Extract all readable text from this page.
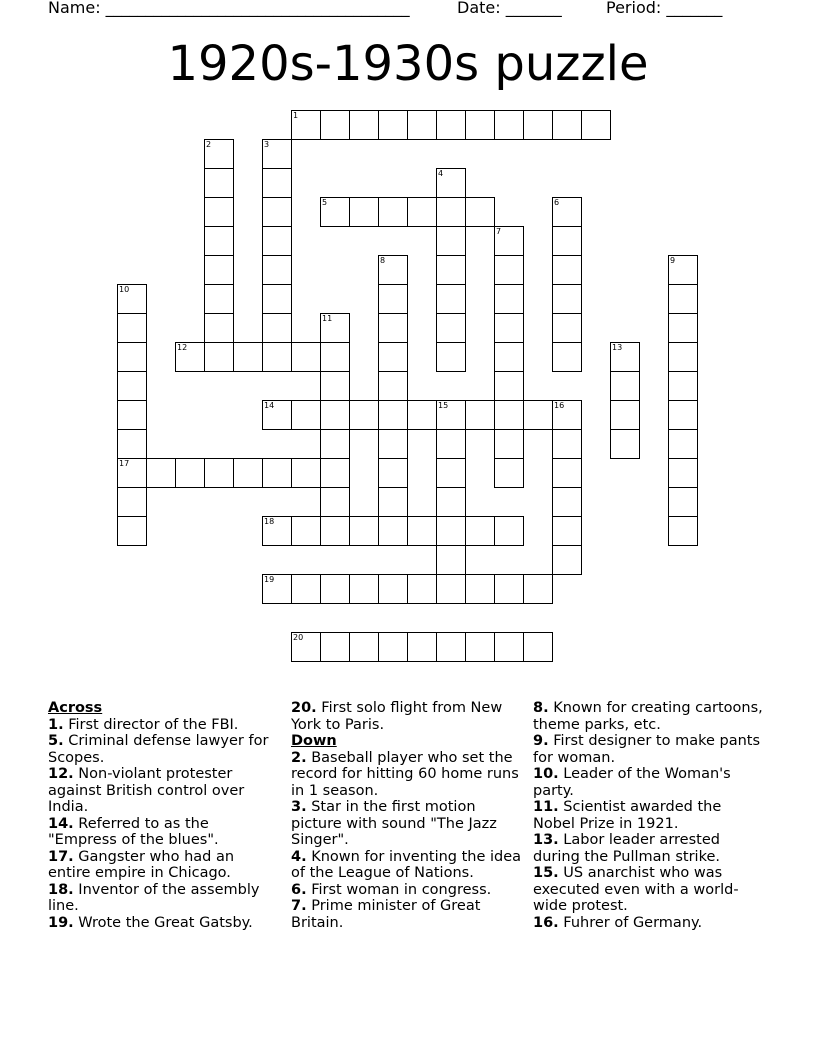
Name: ______________________________________	Date: _______	Period: _______
1920s-1930s puzzle
1
2	3
4
5	6
7
8	9
10
17
11
12	13
14	15	16
18
19
20
Across
1. First director of the FBI.
5. Criminal defense lawyer for Scopes.
12. Non-violant protester against British control over India.
14. Referred to as the "Empress of the blues".
17. Gangster who had an entire empire in Chicago.
18. Inventor of the assembly line.
19. Wrote the Great Gatsby.
20. First solo flight from New York to Paris.
Down
2. Baseball player who set the record for hitting 60 home runs in 1 season.
3. Star in the first motion picture with sound "The Jazz Singer".
4. Known for inventing the idea of the League of Nations.
6. First woman in congress.
7. Prime minister of Great Britain.
8. Known for creating cartoons, theme parks, etc.
9. First designer to make pants for woman.
10. Leader of the Woman's party.
11. Scientist awarded the Nobel Prize in 1921.
13. Labor leader arrested during the Pullman strike.
15. US anarchist who was executed even with a world-wide protest.
16. Fuhrer of Germany.
